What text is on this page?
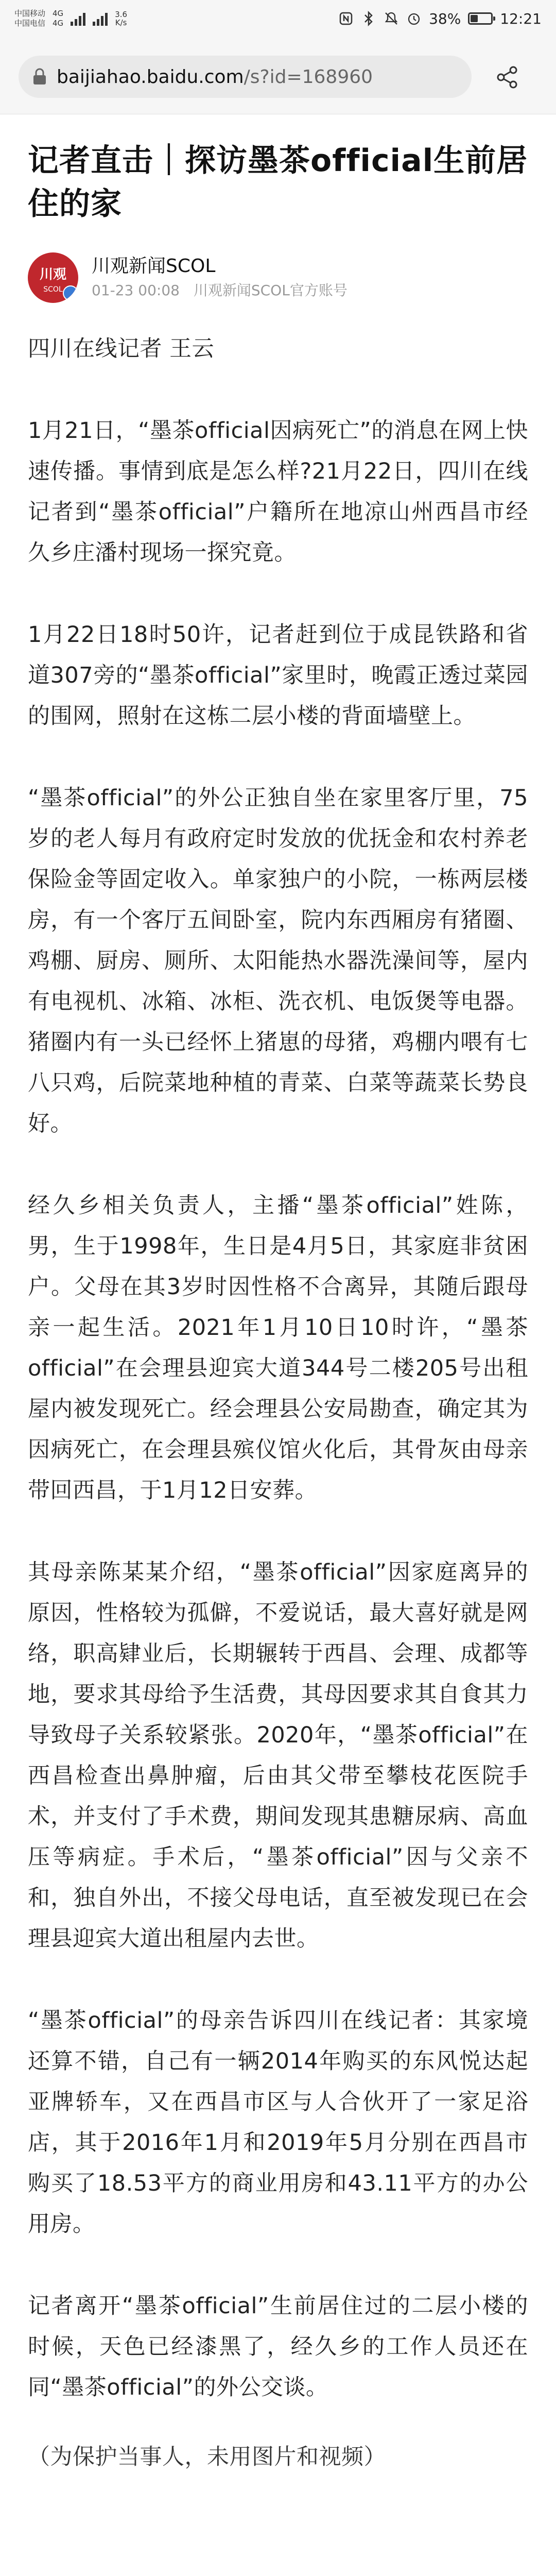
中国移动
中国电信
4G
4G
3.6
K/s	38%	12:21
baijiahao.baidu.com /s?id=168960
记者直击｜探访墨茶official生前居住的家
川观
SCOL
川观新闻SCOL
01-23 00:08 川观新闻SCOL官方账号

四川在线记者 王云

1月21日，“墨茶official因病死亡”的消息在网上快速传播。事情到底是怎么样?21月22日，四川在线记者到“墨茶official”户籍所在地凉山州西昌市经久乡庄潘村现场一探究竟。

1月22日18时50许，记者赶到位于成昆铁路和省道307旁的“墨茶official”家里时，晚霞正透过菜园的围网，照射在这栋二层小楼的背面墙壁上。

“墨茶official”的外公正独自坐在家里客厅里，75岁的老人每月有政府定时发放的优抚金和农村养老保险金等固定收入。单家独户的小院，一栋两层楼房，有一个客厅五间卧室，院内东西厢房有猪圈、鸡棚、厨房、厕所、太阳能热水器洗澡间等，屋内有电视机、冰箱、冰柜、洗衣机、电饭煲等电器。猪圈内有一头已经怀上猪崽的母猪，鸡棚内喂有七八只鸡，后院菜地种植的青菜、白菜等蔬菜长势良好。

经久乡相关负责人，主播“墨茶official”姓陈，男，生于1998年，生日是4月5日，其家庭非贫困户。父母在其3岁时因性格不合离异，其随后跟母亲一起生活。2021年1月10日10时许，“墨茶official”在会理县迎宾大道344号二楼205号出租屋内被发现死亡。经会理县公安局勘查，确定其为因病死亡，在会理县殡仪馆火化后，其骨灰由母亲带回西昌，于1月12日安葬。

其母亲陈某某介绍，“墨茶official”因家庭离异的原因，性格较为孤僻，不爱说话，最大喜好就是网络，职高肄业后，长期辗转于西昌、会理、成都等地，要求其母给予生活费，其母因要求其自食其力导致母子关系较紧张。2020年，“墨茶official”在西昌检查出鼻肿瘤，后由其父带至攀枝花医院手术，并支付了手术费，期间发现其患糖尿病、高血压等病症。手术后，“墨茶official”因与父亲不和，独自外出，不接父母电话，直至被发现已在会理县迎宾大道出租屋内去世。

“墨茶official”的母亲告诉四川在线记者：其家境还算不错，自己有一辆2014年购买的东风悦达起亚牌轿车，又在西昌市区与人合伙开了一家足浴店，其于2016年1月和2019年5月分别在西昌市购买了18.53平方的商业用房和43.11平方的办公用房。

记者离开“墨茶official”生前居住过的二层小楼的时候，天色已经漆黑了，经久乡的工作人员还在同“墨茶official”的外公交谈。

（为保护当事人，未用图片和视频）
